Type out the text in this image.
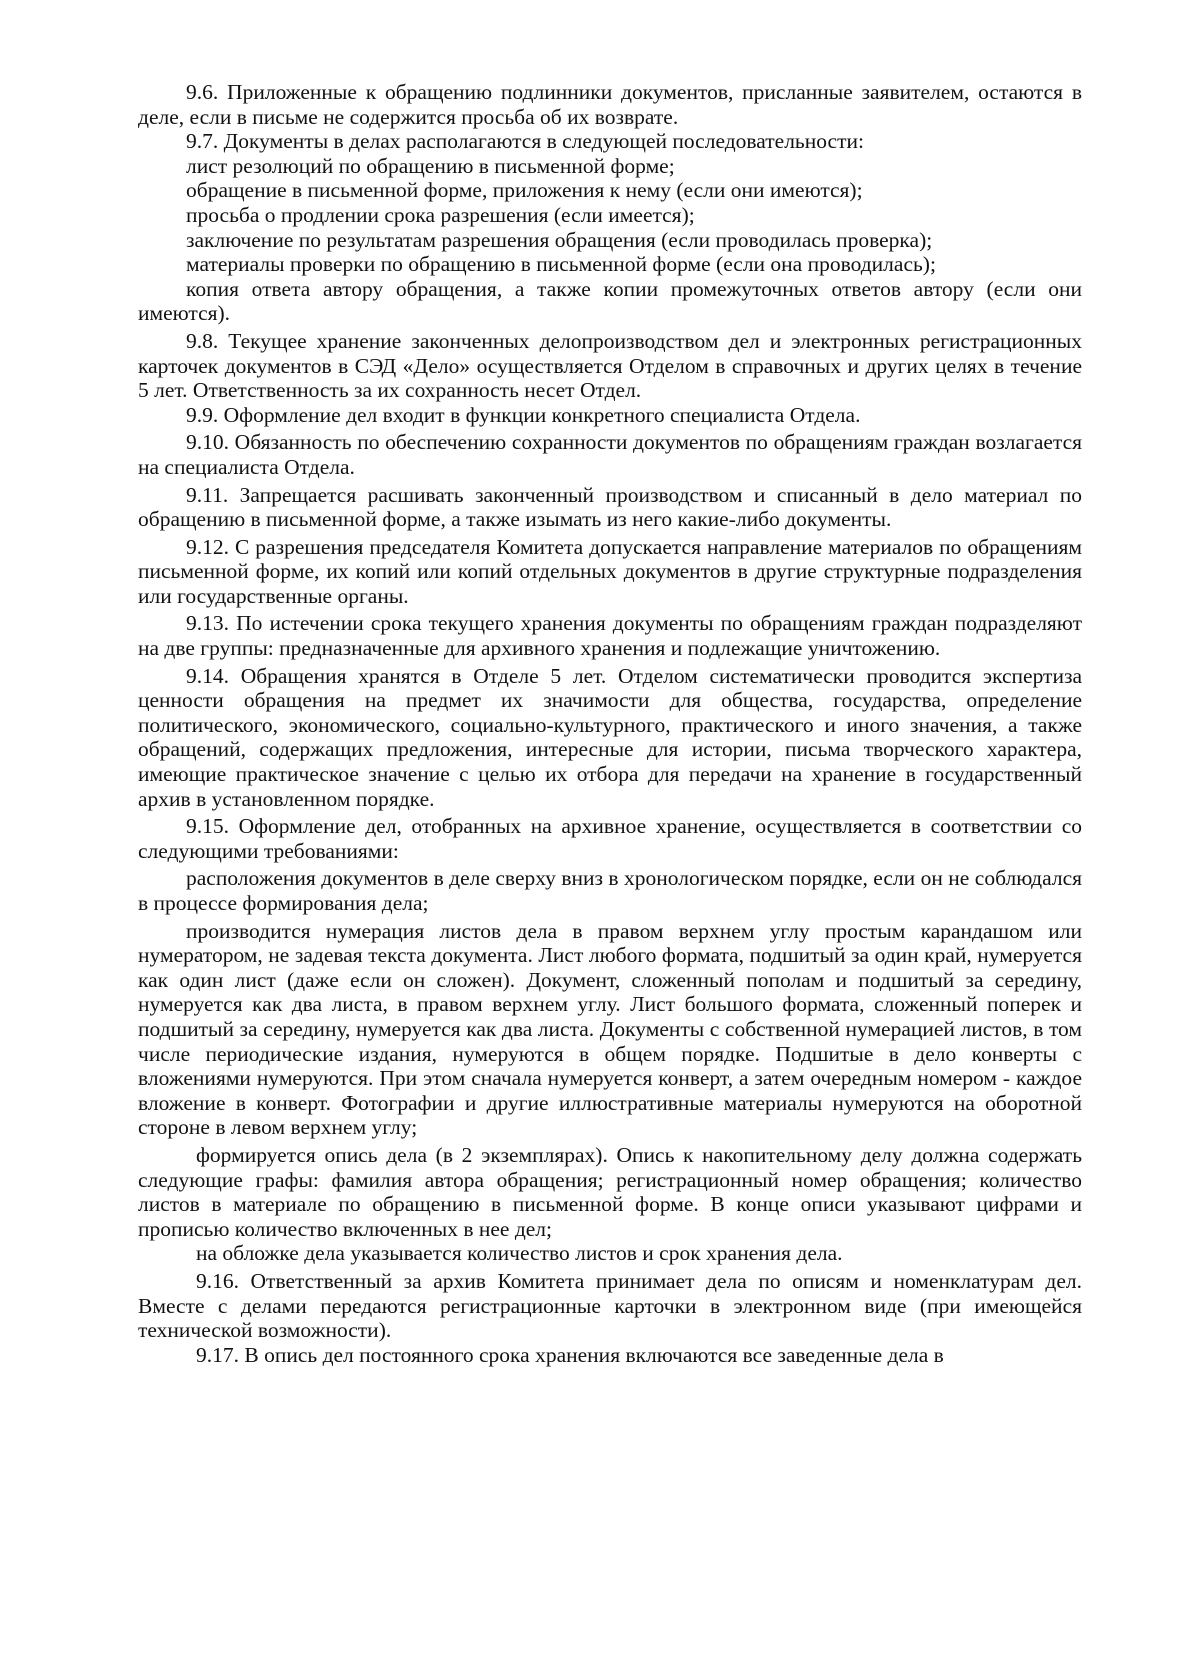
9.6. Приложенные к обращению подлинники документов, присланные заявителем, остаются в деле, если в письме не содержится просьба об их возврате.

9.7. Документы в делах располагаются в следующей последовательности:

лист резолюций по обращению в письменной форме;

обращение в письменной форме, приложения к нему (если они имеются);

просьба о продлении срока разрешения (если имеется);

заключение по результатам разрешения обращения (если проводилась проверка);

материалы проверки по обращению в письменной форме (если она проводилась);

копия ответа автору обращения, а также копии промежуточных ответов автору (если они имеются).

9.8. Текущее хранение законченных делопроизводством дел и электронных регистрационных карточек документов в СЭД «Дело» осуществляется Отделом в справочных и других целях в течение 5 лет. Ответственность за их сохранность несет Отдел.

9.9. Оформление дел входит в функции конкретного специалиста Отдела.

9.10. Обязанность по обеспечению сохранности документов по обращениям граждан возлагается на специалиста Отдела.

9.11. Запрещается расшивать законченный производством и списанный в дело материал по обращению в письменной форме, а также изымать из него какие-либо документы.

9.12. С разрешения председателя Комитета допускается направление материалов по обращениям письменной форме, их копий или копий отдельных документов в другие структурные подразделения или государственные органы.

9.13. По истечении срока текущего хранения документы по обращениям граждан подразделяют на две группы: предназначенные для архивного хранения и подлежащие уничтожению.

9.14. Обращения хранятся в Отделе 5 лет. Отделом систематически проводится экспертиза ценности обращения на предмет их значимости для общества, государства, определение политического, экономического, социально-культурного, практического и иного значения, а также обращений, содержащих предложения, интересные для истории, письма творческого характера, имеющие практическое значение с целью их отбора для передачи на хранение в государственный архив в установленном порядке.

9.15. Оформление дел, отобранных на архивное хранение, осуществляется в соответствии со следующими требованиями:

расположения документов в деле сверху вниз в хронологическом порядке, если он не соблюдался в процессе формирования дела;

производится нумерация листов дела в правом верхнем углу простым карандашом или нумератором, не задевая текста документа. Лист любого формата, подшитый за один край, нумеруется как один лист (даже если он сложен). Документ, сложенный пополам и подшитый за середину, нумеруется как два листа, в правом верхнем углу. Лист большого формата, сложенный поперек и подшитый за середину, нумеруется как два листа. Документы с собственной нумерацией листов, в том числе периодические издания, нумеруются в общем порядке. Подшитые в дело конверты с вложениями нумеруются. При этом сначала нумеруется конверт, а затем очередным номером - каждое вложение в конверт. Фотографии и другие иллюстративные материалы нумеруются на оборотной стороне в левом верхнем углу;

формируется опись дела (в 2 экземплярах). Опись к накопительному делу должна содержать следующие графы: фамилия автора обращения; регистрационный номер обращения; количество листов в материале по обращению в письменной форме. В конце описи указывают цифрами и прописью количество включенных в нее дел;

на обложке дела указывается количество листов и срок хранения дела.

9.16. Ответственный за архив Комитета принимает дела по описям и номенклатурам дел. Вместе с делами передаются регистрационные карточки в электронном виде (при имеющейся технической возможности).

9.17. В опись дел постоянного срока хранения включаются все заведенные дела в
